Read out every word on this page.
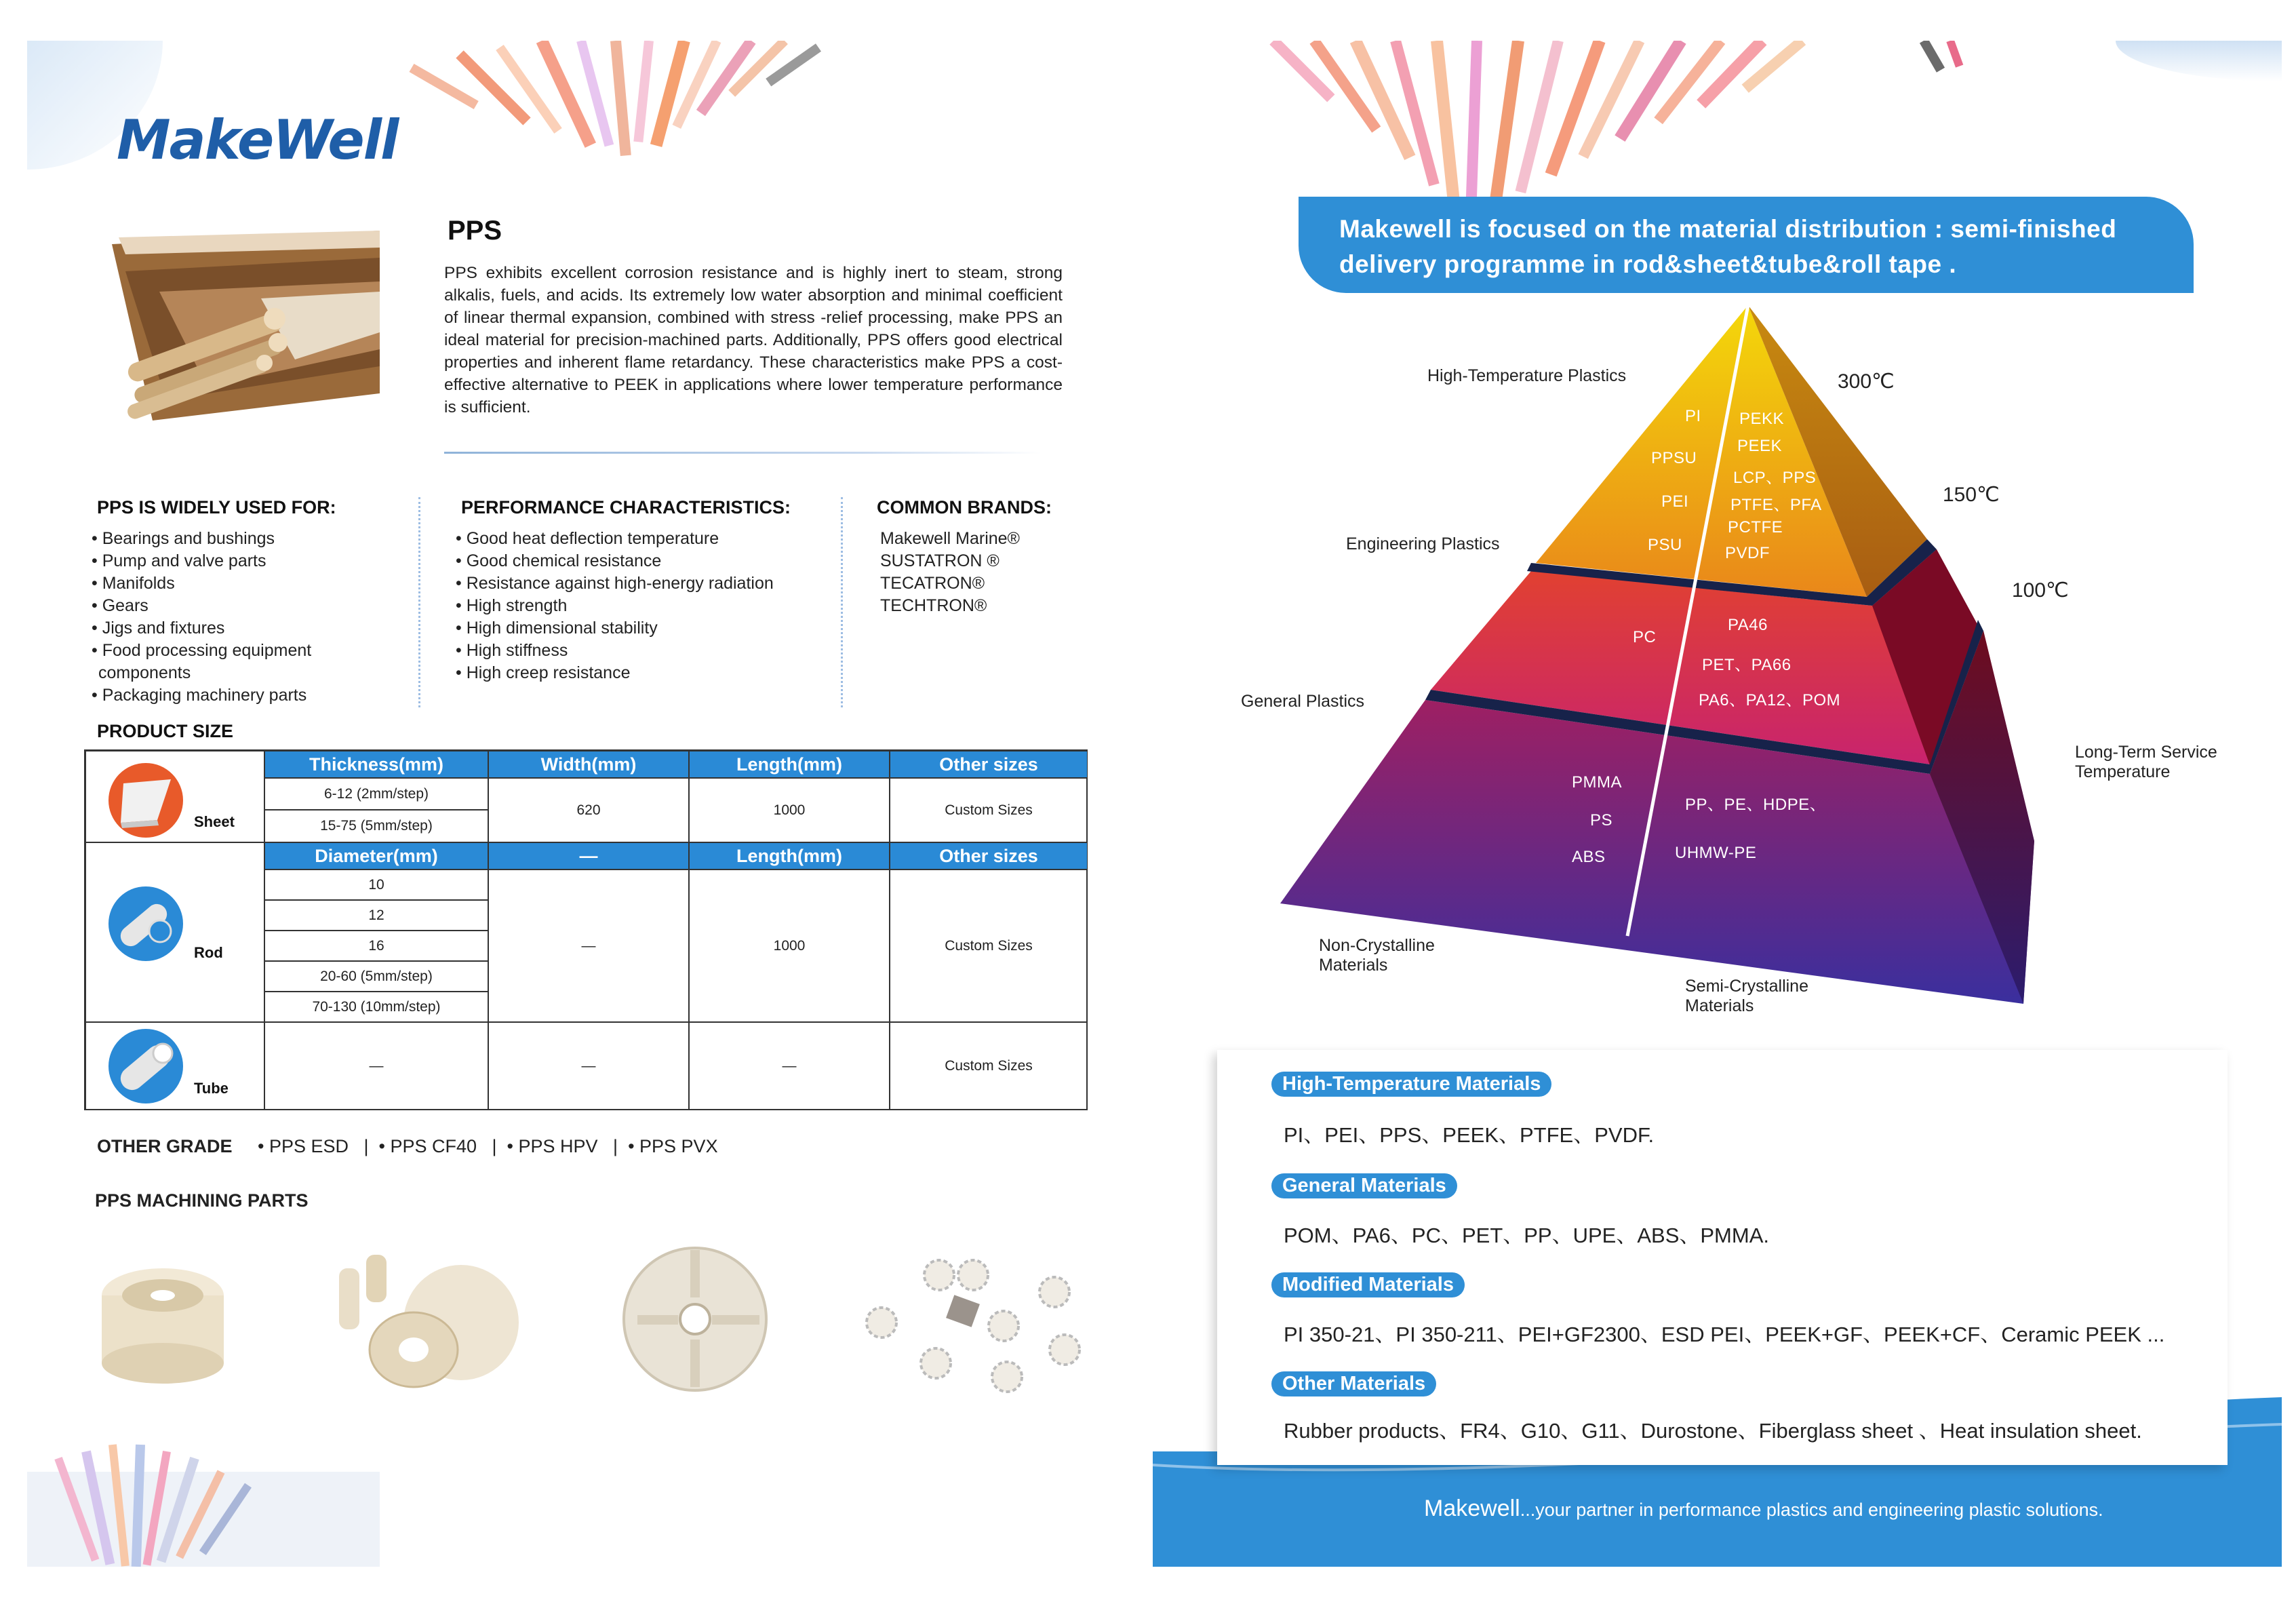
MakeWell
PPS
PPS exhibits excellent corrosion resistance and is highly inert to steam, strong alkalis, fuels, and acids. Its extremely low water absorption and minimal coefficient of linear thermal expansion, combined with stress -relief processing, make PPS an ideal material for precision-machined parts. Additionally, PPS offers good electrical properties and inherent flame retardancy. These characteristics make PPS a cost-effective alternative to PEEK in applications where lower temperature performance is sufficient.
PPS IS WIDELY USED FOR:
• Bearings and bushings
• Pump and valve parts
• Manifolds
• Gears
• Jigs and fixtures
• Food processing equipment components
• Packaging machinery parts
PERFORMANCE CHARACTERISTICS:
• Good heat deflection temperature
• Good chemical resistance
• Resistance against high-energy radiation
• High strength
• High dimensional stability
• High stiffness
• High creep resistance
COMMON BRANDS:
Makewell Marine®
SUSTATRON ®
TECATRON®
TECHTRON®
PRODUCT SIZE
Sheet
Thickness(mm)	Width(mm)	Length(mm)	Other sizes
6-12 (2mm/step)
15-75 (5mm/step)
620	1000	Custom Sizes
Rod
Diameter(mm)	—	Length(mm)	Other sizes
10
12
16
20-60 (5mm/step)
70-130 (10mm/step)
—	1000	Custom Sizes
Tube
—	—	—	Custom Sizes
OTHER GRADE • PPS ESD   |  • PPS CF40   |  • PPS HPV   |  • PPS PVX
PPS MACHINING PARTS
Makewell is focused on the material distribution : semi-finished delivery programme in rod&sheet&tube&roll tape .
High-Temperature Plastics
Engineering Plastics
General Plastics
300℃
150℃
100℃
Long-Term Service Temperature
Non-Crystalline Materials
Semi-Crystalline Materials
PI
PPSU
PEI
PSU
PEKK
PEEK
LCP、PPS
PTFE、PFA
PCTFE
PVDF
PC
PA46
PET、PA66
PA6、PA12、POM
PMMA
PS
ABS
PP、PE、HDPE、
UHMW-PE
High-Temperature Materials
PI、PEI、PPS、PEEK、PTFE、PVDF.
General Materials
POM、PA6、PC、PET、PP、UPE、ABS、PMMA.
Modified Materials
PI 350-21、PI 350-211、PEI+GF2300、ESD PEI、PEEK+GF、PEEK+CF、Ceramic PEEK ...
Other Materials
Rubber products、FR4、G10、G11、Durostone、Fiberglass sheet 、Heat insulation sheet.
Makewell...your partner in performance plastics and engineering plastic solutions.
